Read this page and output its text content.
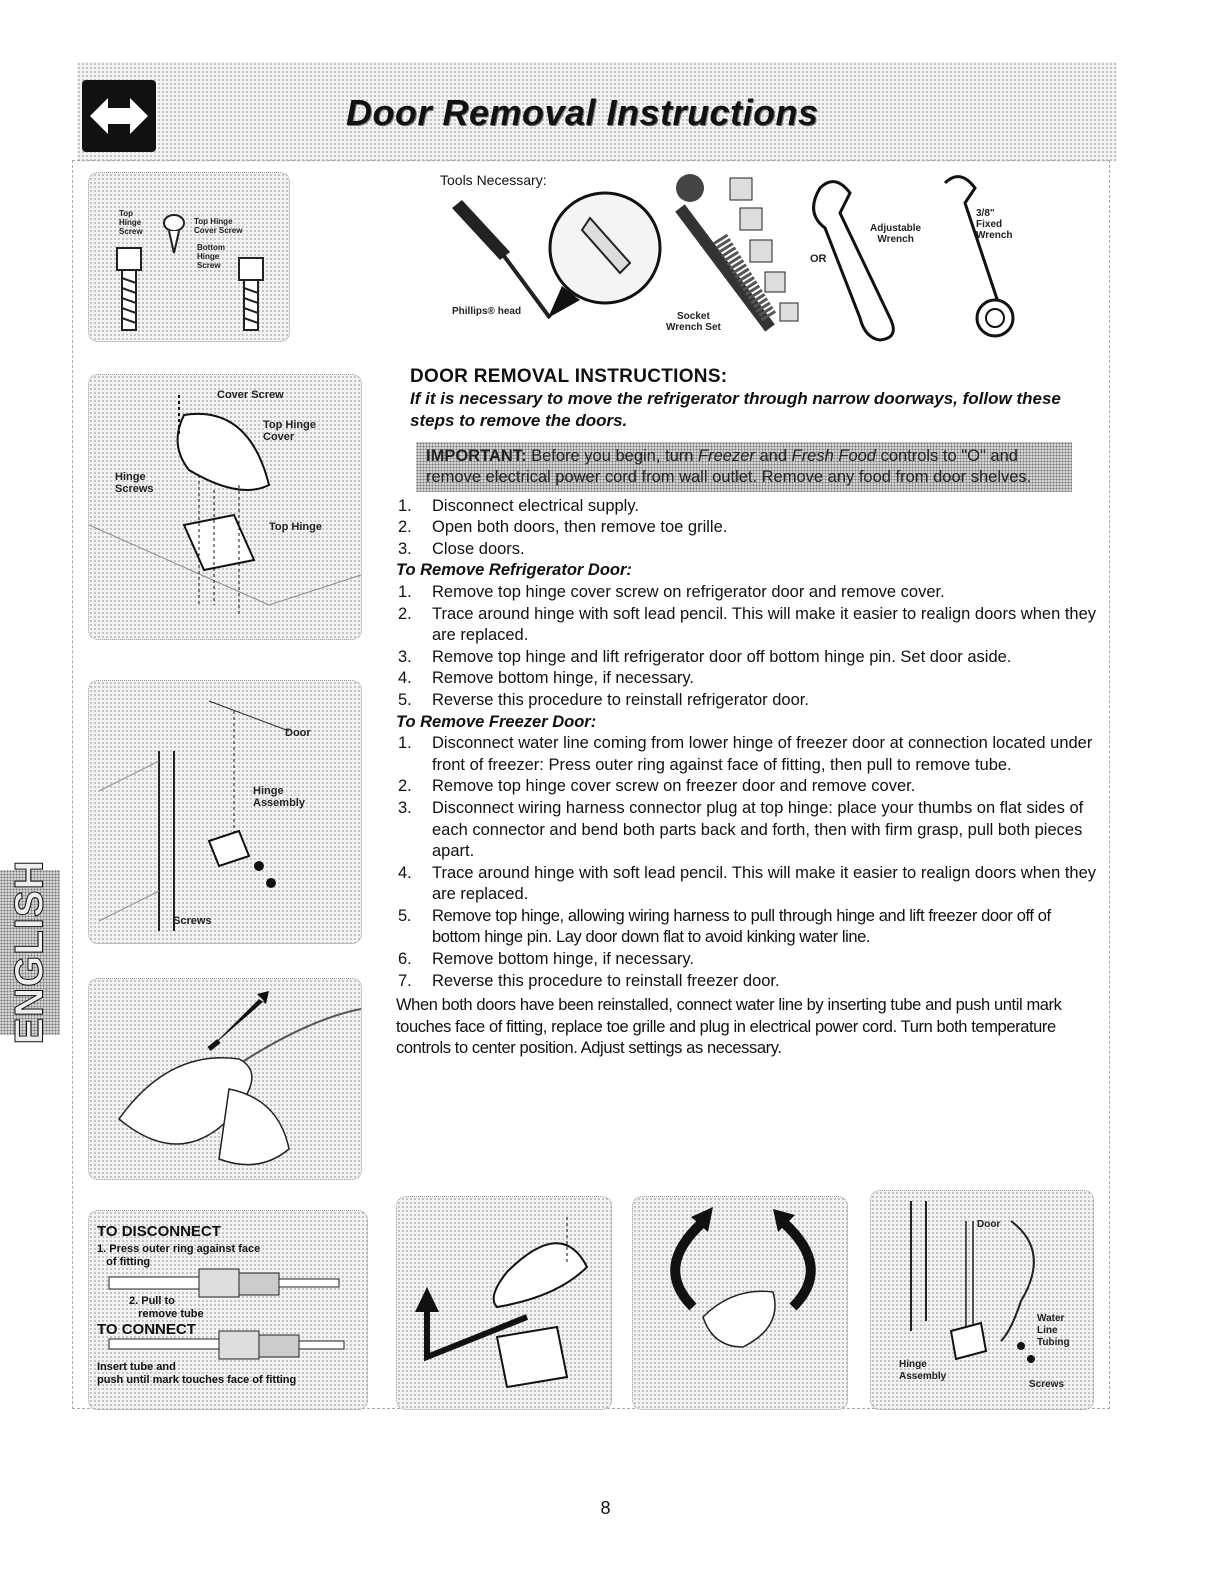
Door Removal Instructions
Top
Hinge
Screw
Top Hinge
Cover Screw
Bottom
Hinge
Screw
Tools Necessary:
Phillips® head	Socket
Wrench Set
OR
Adjustable
Wrench
3/8"
Fixed
Wrench
Cover Screw
Top Hinge
Cover
Hinge
Screws
Top Hinge
Door
Hinge
Assembly
Screws
DOOR REMOVAL INSTRUCTIONS:
If it is necessary to move the refrigerator through narrow doorways, follow these steps to remove the doors.
IMPORTANT: Before you begin, turn Freezer and Fresh Food controls to "O" and remove electrical power cord from wall outlet. Remove any food from door shelves.
1. Disconnect electrical supply.
2. Open both doors, then remove toe grille.
3. Close doors.
To Remove Refrigerator Door:
1. Remove top hinge cover screw on refrigerator door and remove cover.
2. Trace around hinge with soft lead pencil. This will make it easier to realign doors when they are replaced.
3. Remove top hinge and lift refrigerator door off bottom hinge pin. Set door aside.
4. Remove bottom hinge, if necessary.
5. Reverse this procedure to reinstall refrigerator door.
To Remove Freezer Door:
1. Disconnect water line coming from lower hinge of freezer door at connection located under front of freezer: Press outer ring against face of fitting, then pull to remove tube.
2. Remove top hinge cover screw on freezer door and remove cover.
3. Disconnect wiring harness connector plug at top hinge: place your thumbs on flat sides of each connector and bend both parts back and forth, then with firm grasp, pull both pieces apart.
4. Trace around hinge with soft lead pencil. This will make it easier to realign doors when they are replaced.
5. Remove top hinge, allowing wiring harness to pull through hinge and lift freezer door off of bottom hinge pin. Lay door down flat to avoid kinking water line.
6. Remove bottom hinge, if necessary.
7. Reverse this procedure to reinstall freezer door.
When both doors have been reinstalled, connect water line by inserting tube and push until mark touches face of fitting, replace toe grille and plug in electrical power cord. Turn both temperature controls to center position. Adjust settings as necessary.
ENGLISH
TO DISCONNECT
1. Press outer ring against face
of fitting
2. Pull to
remove tube
TO CONNECT
Insert tube and
push until mark touches face of fitting
Door
Water
Line
Tubing
Hinge
Assembly
Screws
8
